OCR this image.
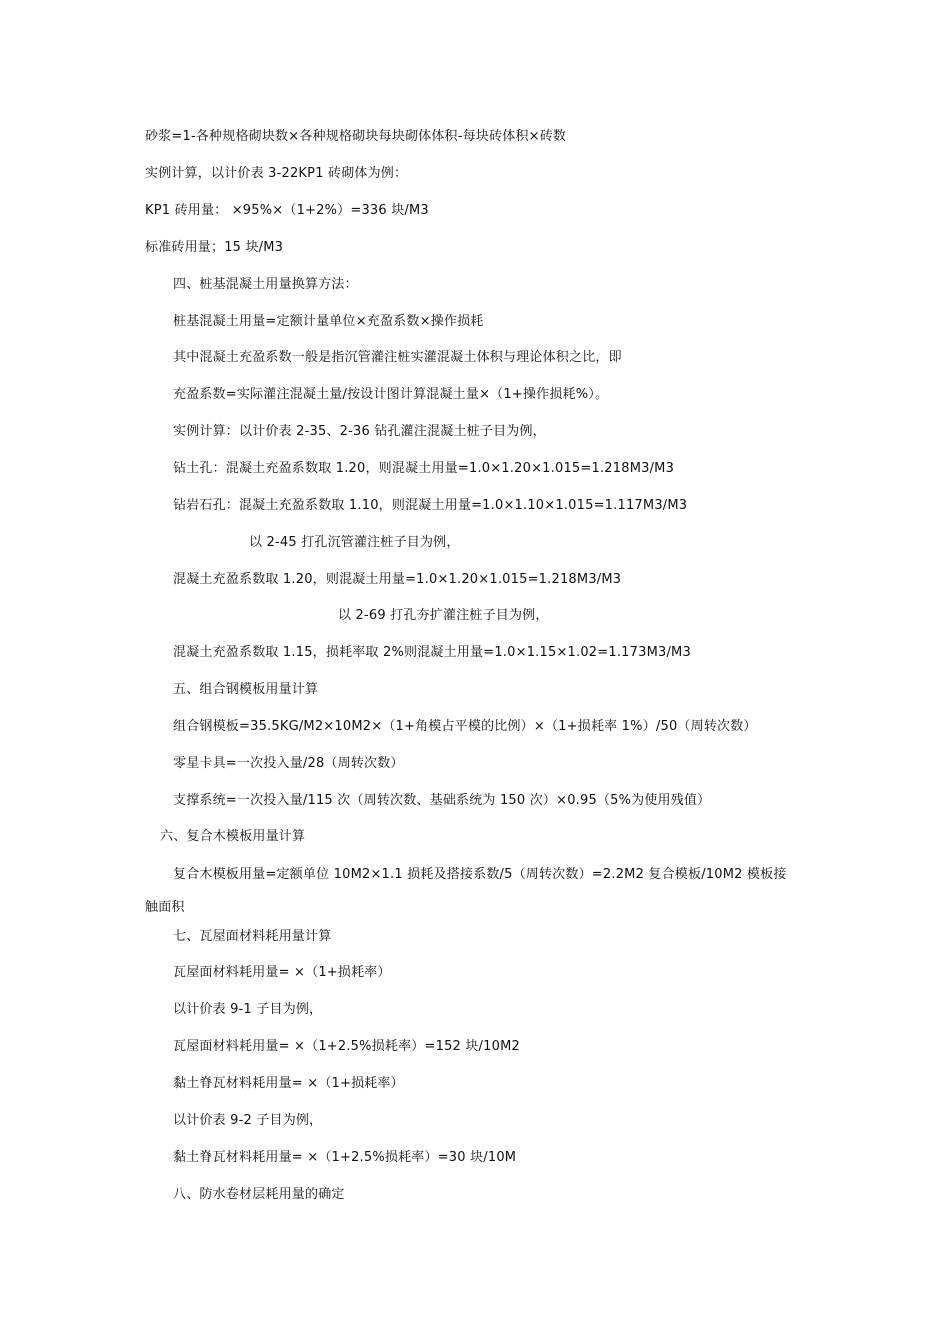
砂浆=1-各种规格砌块数×各种规格砌块每块砌体体积-每块砖体积×砖数
实例计算，以计价表 3-22KP1 砖砌体为例：
KP1 砖用量： ×95%×（1+2%）=336 块/M3
标准砖用量；15 块/M3
四、桩基混凝土用量换算方法：
桩基混凝土用量=定额计量单位×充盈系数×操作损耗
其中混凝土充盈系数一般是指沉管灌注桩实灌混凝土体积与理论体积之比，即
充盈系数=实际灌注混凝土量/按设计图计算混凝土量×（1+操作损耗%）。
实例计算：以计价表 2-35、2-36 钻孔灌注混凝土桩子目为例，
钻土孔：混凝土充盈系数取 1.20，则混凝土用量=1.0×1.20×1.015=1.218M3/M3
钻岩石孔：混凝土充盈系数取 1.10，则混凝土用量=1.0×1.10×1.015=1.117M3/M3
以 2-45 打孔沉管灌注桩子目为例，
混凝土充盈系数取 1.20，则混凝土用量=1.0×1.20×1.015=1.218M3/M3
以 2-69 打孔夯扩灌注桩子目为例，
混凝土充盈系数取 1.15，损耗率取 2%则混凝土用量=1.0×1.15×1.02=1.173M3/M3
五、组合钢模板用量计算
组合钢模板=35.5KG/M2×10M2×（1+角模占平模的比例）×（1+损耗率 1%）/50（周转次数）
零星卡具=一次投入量/28（周转次数）
支撑系统=一次投入量/115 次（周转次数、基础系统为 150 次）×0.95（5%为使用残值）
六、复合木模板用量计算
复合木模板用量=定额单位 10M2×1.1 损耗及搭接系数/5（周转次数）=2.2M2 复合模板/10M2 模板接触面积
七、瓦屋面材料耗用量计算
瓦屋面材料耗用量= ×（1+损耗率）
以计价表 9-1 子目为例，
瓦屋面材料耗用量= ×（1+2.5%损耗率）=152 块/10M2
黏土脊瓦材料耗用量= ×（1+损耗率）
以计价表 9-2 子目为例，
黏土脊瓦材料耗用量= ×（1+2.5%损耗率）=30 块/10M
八、防水卷材层耗用量的确定
